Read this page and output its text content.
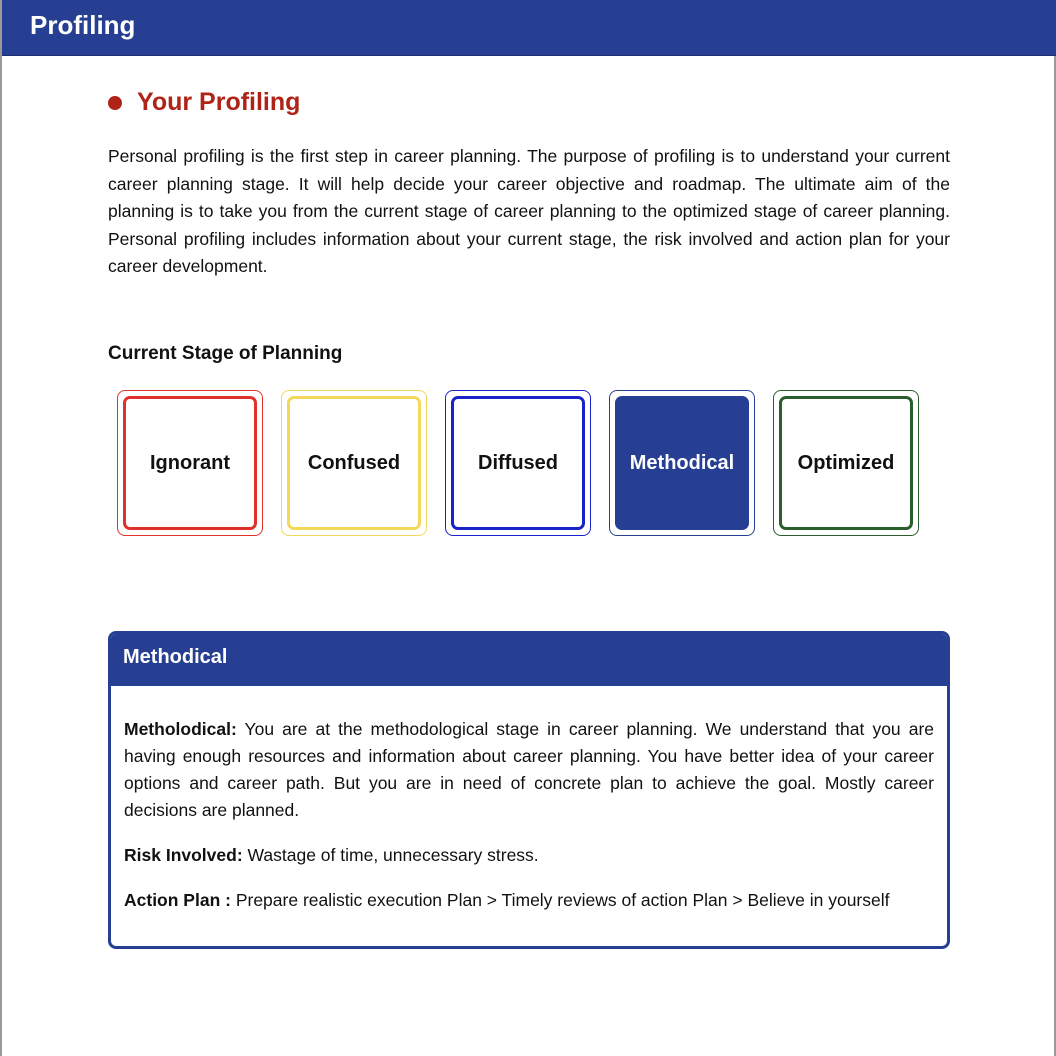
Profiling
Your Profiling

Personal profiling is the first step in career planning. The purpose of profiling is to understand your current career planning stage. It will help decide your career objective and roadmap. The ultimate aim of the planning is to take you from the current stage of career planning to the optimized stage of career planning. Personal profiling includes information about your current stage, the risk involved and action plan for your career development.

Current Stage of Planning
Ignorant	Confused	Diffused	Methodical	Optimized
Methodical

Metholodical: You are at the methodological stage in career planning. We understand that you are having enough resources and information about career planning. You have better idea of your career options and career path. But you are in need of concrete plan to achieve the goal. Mostly career decisions are planned.

Risk Involved: Wastage of time, unnecessary stress.

Action Plan : Prepare realistic execution Plan > Timely reviews of action Plan > Believe in yourself
